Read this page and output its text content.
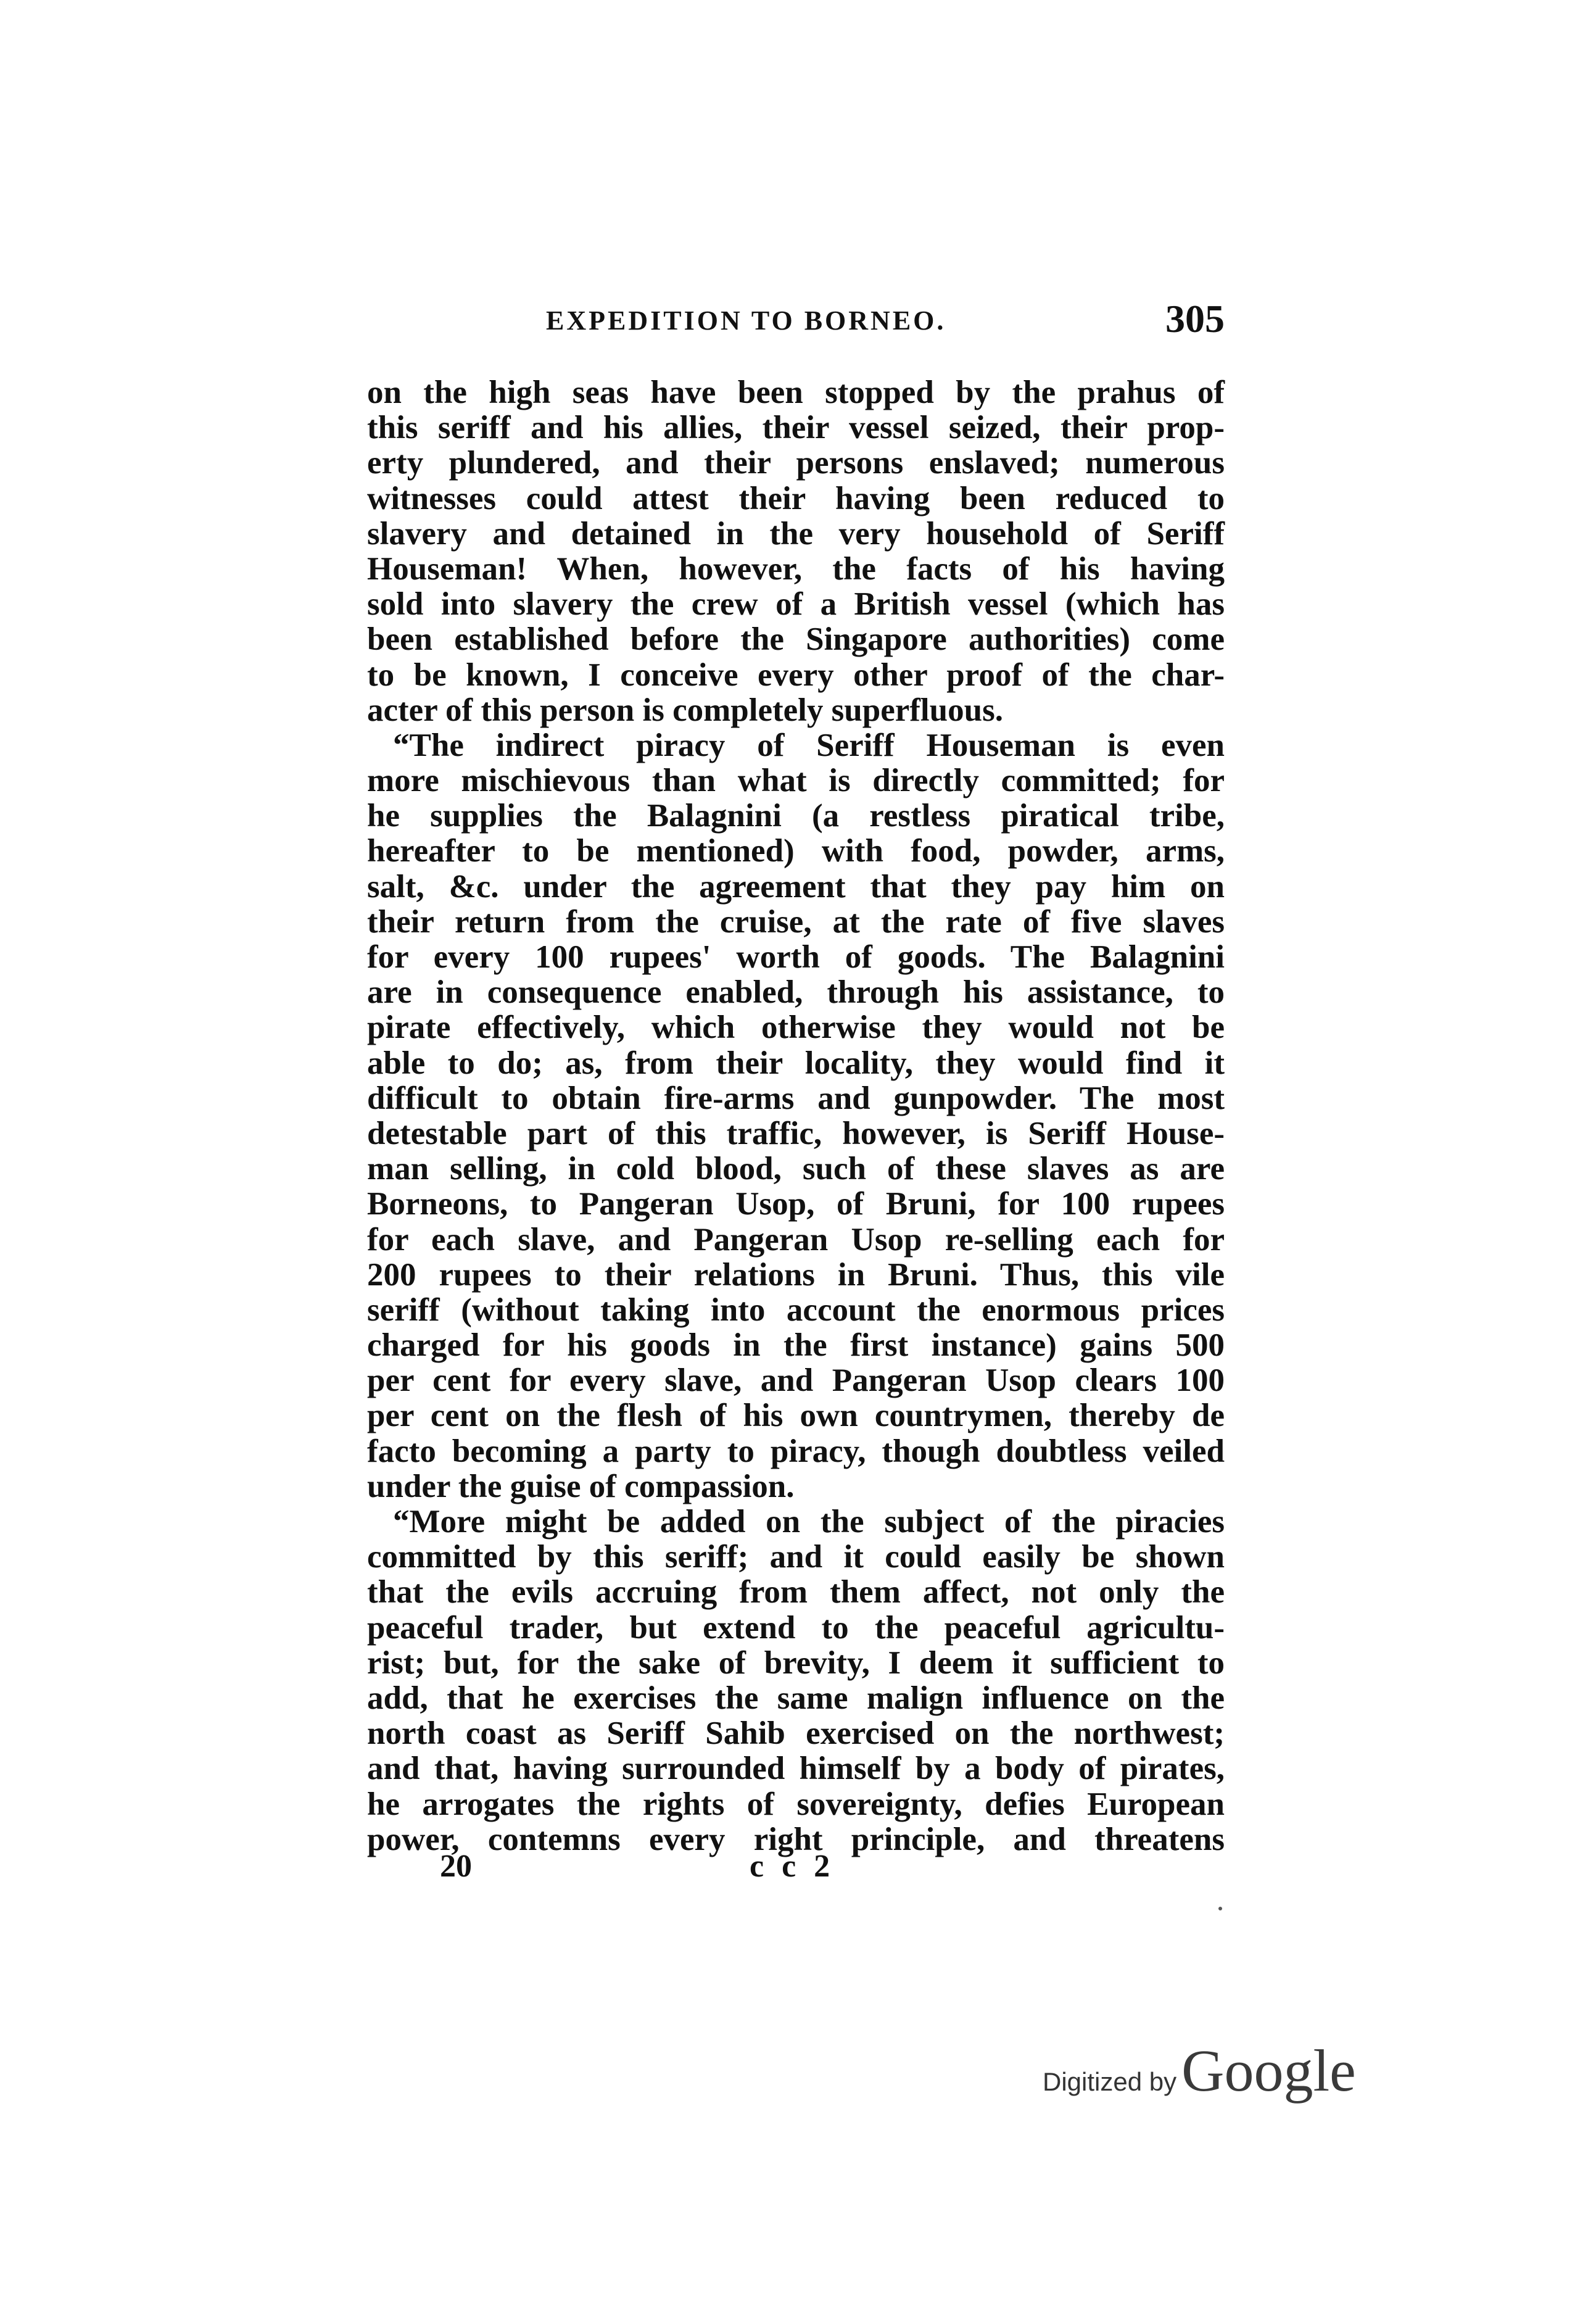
EXPEDITION TO BORNEO.	305
on the high seas have been stopped by the prahus of
this seriff and his allies, their vessel seized, their prop-
erty plundered, and their persons enslaved; numerous
witnesses could attest their having been reduced to
slavery and detained in the very household of Seriff
Houseman! When, however, the facts of his having
sold into slavery the crew of a British vessel (which has
been established before the Singapore authorities) come
to be known, I conceive every other proof of the char-
acter of this person is completely superfluous.
“The indirect piracy of Seriff Houseman is even
more mischievous than what is directly committed; for
he supplies the Balagnini (a restless piratical tribe,
hereafter to be mentioned) with food, powder, arms,
salt, &c. under the agreement that they pay him on
their return from the cruise, at the rate of five slaves
for every 100 rupees' worth of goods. The Balagnini
are in consequence enabled, through his assistance, to
pirate effectively, which otherwise they would not be
able to do; as, from their locality, they would find it
difficult to obtain fire-arms and gunpowder. The most
detestable part of this traffic, however, is Seriff House-
man selling, in cold blood, such of these slaves as are
Borneons, to Pangeran Usop, of Bruni, for 100 rupees
for each slave, and Pangeran Usop re-selling each for
200 rupees to their relations in Bruni. Thus, this vile
seriff (without taking into account the enormous prices
charged for his goods in the first instance) gains 500
per cent for every slave, and Pangeran Usop clears 100
per cent on the flesh of his own countrymen, thereby de
facto becoming a party to piracy, though doubtless veiled
under the guise of compassion.
“More might be added on the subject of the piracies
committed by this seriff; and it could easily be shown
that the evils accruing from them affect, not only the
peaceful trader, but extend to the peaceful agricultu-
rist; but, for the sake of brevity, I deem it sufficient to
add, that he exercises the same malign influence on the
north coast as Seriff Sahib exercised on the northwest;
and that, having surrounded himself by a body of pirates,
he arrogates the rights of sovereignty, defies European
power, contemns every right principle, and threatens
20	c c 2
Digitized by Google
